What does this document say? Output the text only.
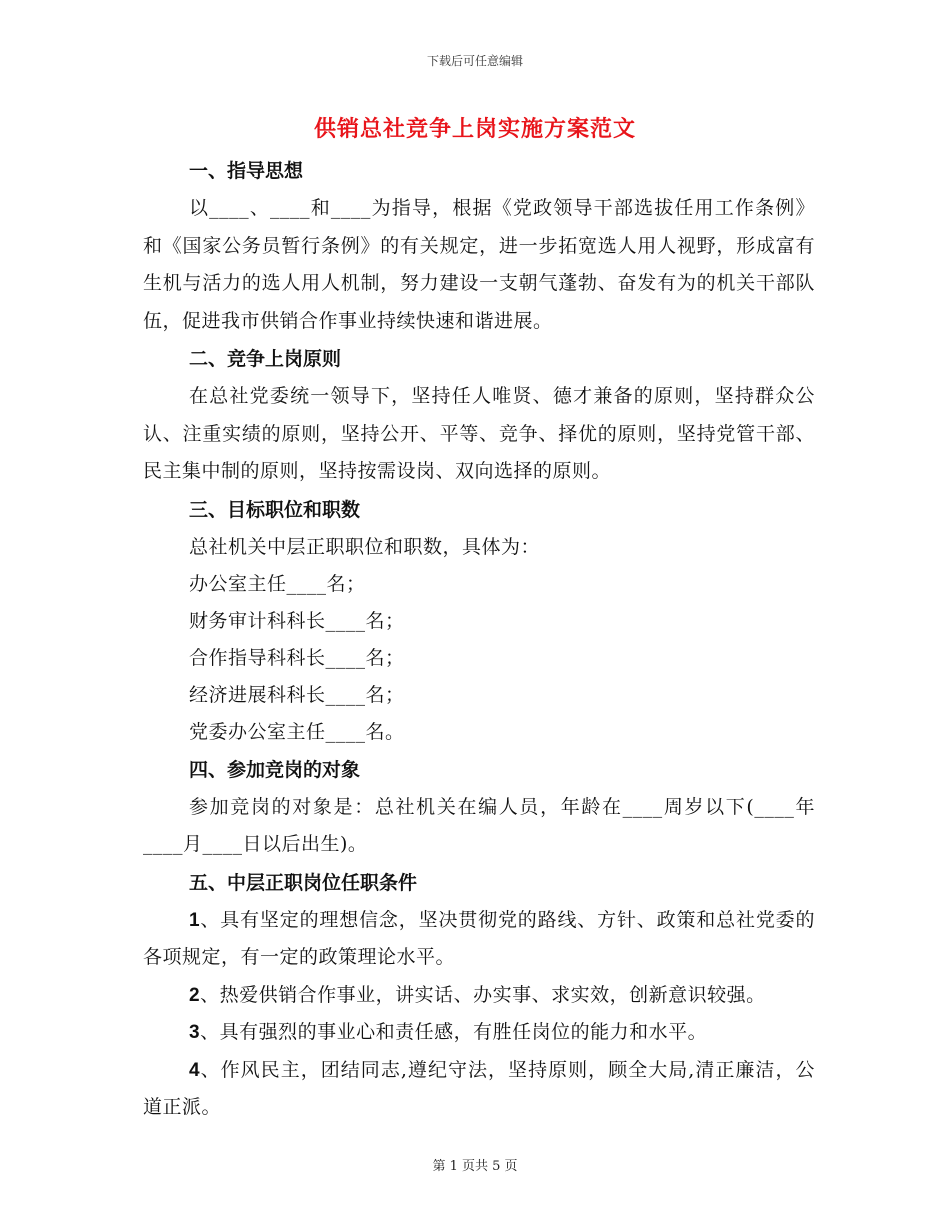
下载后可任意编辑
供销总社竞争上岗实施方案范文

一、指导思想

以____、____和____为指导，根据《党政领导干部选拔任用工作条例》和《国家公务员暂行条例》的有关规定，进一步拓宽选人用人视野，形成富有生机与活力的选人用人机制，努力建设一支朝气蓬勃、奋发有为的机关干部队伍，促进我市供销合作事业持续快速和谐进展。

二、竞争上岗原则

在总社党委统一领导下，坚持任人唯贤、德才兼备的原则，坚持群众公认、注重实绩的原则，坚持公开、平等、竞争、择优的原则，坚持党管干部、民主集中制的原则，坚持按需设岗、双向选择的原则。

三、目标职位和职数

总社机关中层正职职位和职数，具体为：

办公室主任____名；

财务审计科科长____名；

合作指导科科长____名；

经济进展科科长____名；

党委办公室主任____名。

四、参加竞岗的对象

参加竞岗的对象是：总社机关在编人员，年龄在____周岁以下(____年____月____日以后出生)。

五、中层正职岗位任职条件

1、具有坚定的理想信念，坚决贯彻党的路线、方针、政策和总社党委的各项规定，有一定的政策理论水平。

2、热爱供销合作事业，讲实话、办实事、求实效，创新意识较强。

3、具有强烈的事业心和责任感，有胜任岗位的能力和水平。

4、作风民主，团结同志,遵纪守法，坚持原则，顾全大局,清正廉洁，公道正派。

第 1 页共 5 页
